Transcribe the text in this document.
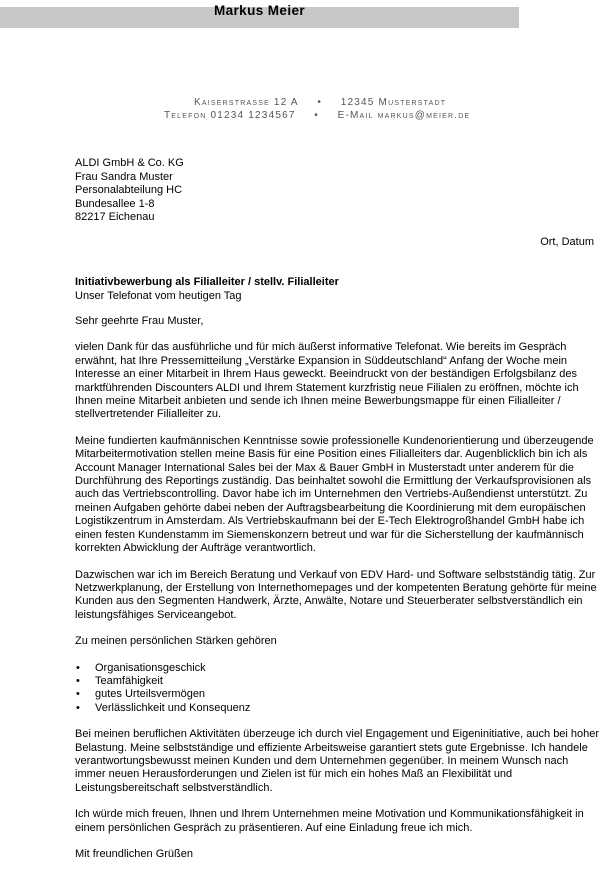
Markus Meier
Kaiserstrasse 12 A • 12345 Musterstadt
Telefon 01234 1234567 • E-Mail markus@meier.de
ALDI GmbH & Co. KG
Frau Sandra Muster
Personalabteilung HC
Bundesallee 1-8
82217 Eichenau
Ort, Datum
Initiativbewerbung als Filialleiter / stellv. Filialleiter
Unser Telefonat vom heutigen Tag

Sehr geehrte Frau Muster,

vielen Dank für das ausführliche und für mich äußerst informative Telefonat. Wie bereits im Gespräch erwähnt, hat Ihre Pressemitteilung „Verstärke Expansion in Süddeutschland“ Anfang der Woche mein Interesse an einer Mitarbeit in Ihrem Haus geweckt. Beeindruckt von der beständigen Erfolgsbilanz des marktführenden Discounters ALDI und Ihrem Statement kurzfristig neue Filialen zu eröffnen, möchte ich Ihnen meine Mitarbeit anbieten und sende ich Ihnen meine Bewerbungsmappe für einen Filialleiter / stellvertretender Filialleiter zu.

Meine fundierten kaufmännischen Kenntnisse sowie professionelle Kundenorientierung und überzeugende Mitarbeitermotivation stellen meine Basis für eine Position eines Filialleiters dar. Augenblicklich bin ich als Account Manager International Sales bei der Max & Bauer GmbH in Musterstadt unter anderem für die Durchführung des Reportings zuständig. Das beinhaltet sowohl die Ermittlung der Verkaufsprovisionen als auch das Vertriebscontrolling. Davor habe ich im Unternehmen den Vertriebs-Außendienst unterstützt. Zu meinen Aufgaben gehörte dabei neben der Auftragsbearbeitung die Koordinierung mit dem europäischen Logistikzentrum in Amsterdam. Als Vertriebskaufmann bei der E-Tech Elektrogroßhandel GmbH habe ich einen festen Kundenstamm im Siemenskonzern betreut und war für die Sicherstellung der kaufmännisch korrekten Abwicklung der Aufträge verantwortlich.

Dazwischen war ich im Bereich Beratung und Verkauf von EDV Hard- und Software selbstständig tätig. Zur Netzwerkplanung, der Erstellung von Internethomepages und der kompetenten Beratung gehörte für meine Kunden aus den Segmenten Handwerk, Ärzte, Anwälte, Notare und Steuerberater selbstverständlich ein leistungsfähiges Serviceangebot.

Zu meinen persönlichen Stärken gehören

• Organisationsgeschick
• Teamfähigkeit
• gutes Urteilsvermögen
• Verlässlichkeit und Konsequenz

Bei meinen beruflichen Aktivitäten überzeuge ich durch viel Engagement und Eigeninitiative, auch bei hoher Belastung. Meine selbstständige und effiziente Arbeitsweise garantiert stets gute Ergebnisse. Ich handele verantwortungsbewusst meinen Kunden und dem Unternehmen gegenüber. In meinem Wunsch nach immer neuen Herausforderungen und Zielen ist für mich ein hohes Maß an Flexibilität und Leistungsbereitschaft selbstverständlich.

Ich würde mich freuen, Ihnen und Ihrem Unternehmen meine Motivation und Kommunikationsfähigkeit in einem persönlichen Gespräch zu präsentieren. Auf eine Einladung freue ich mich.

Mit freundlichen Grüßen
